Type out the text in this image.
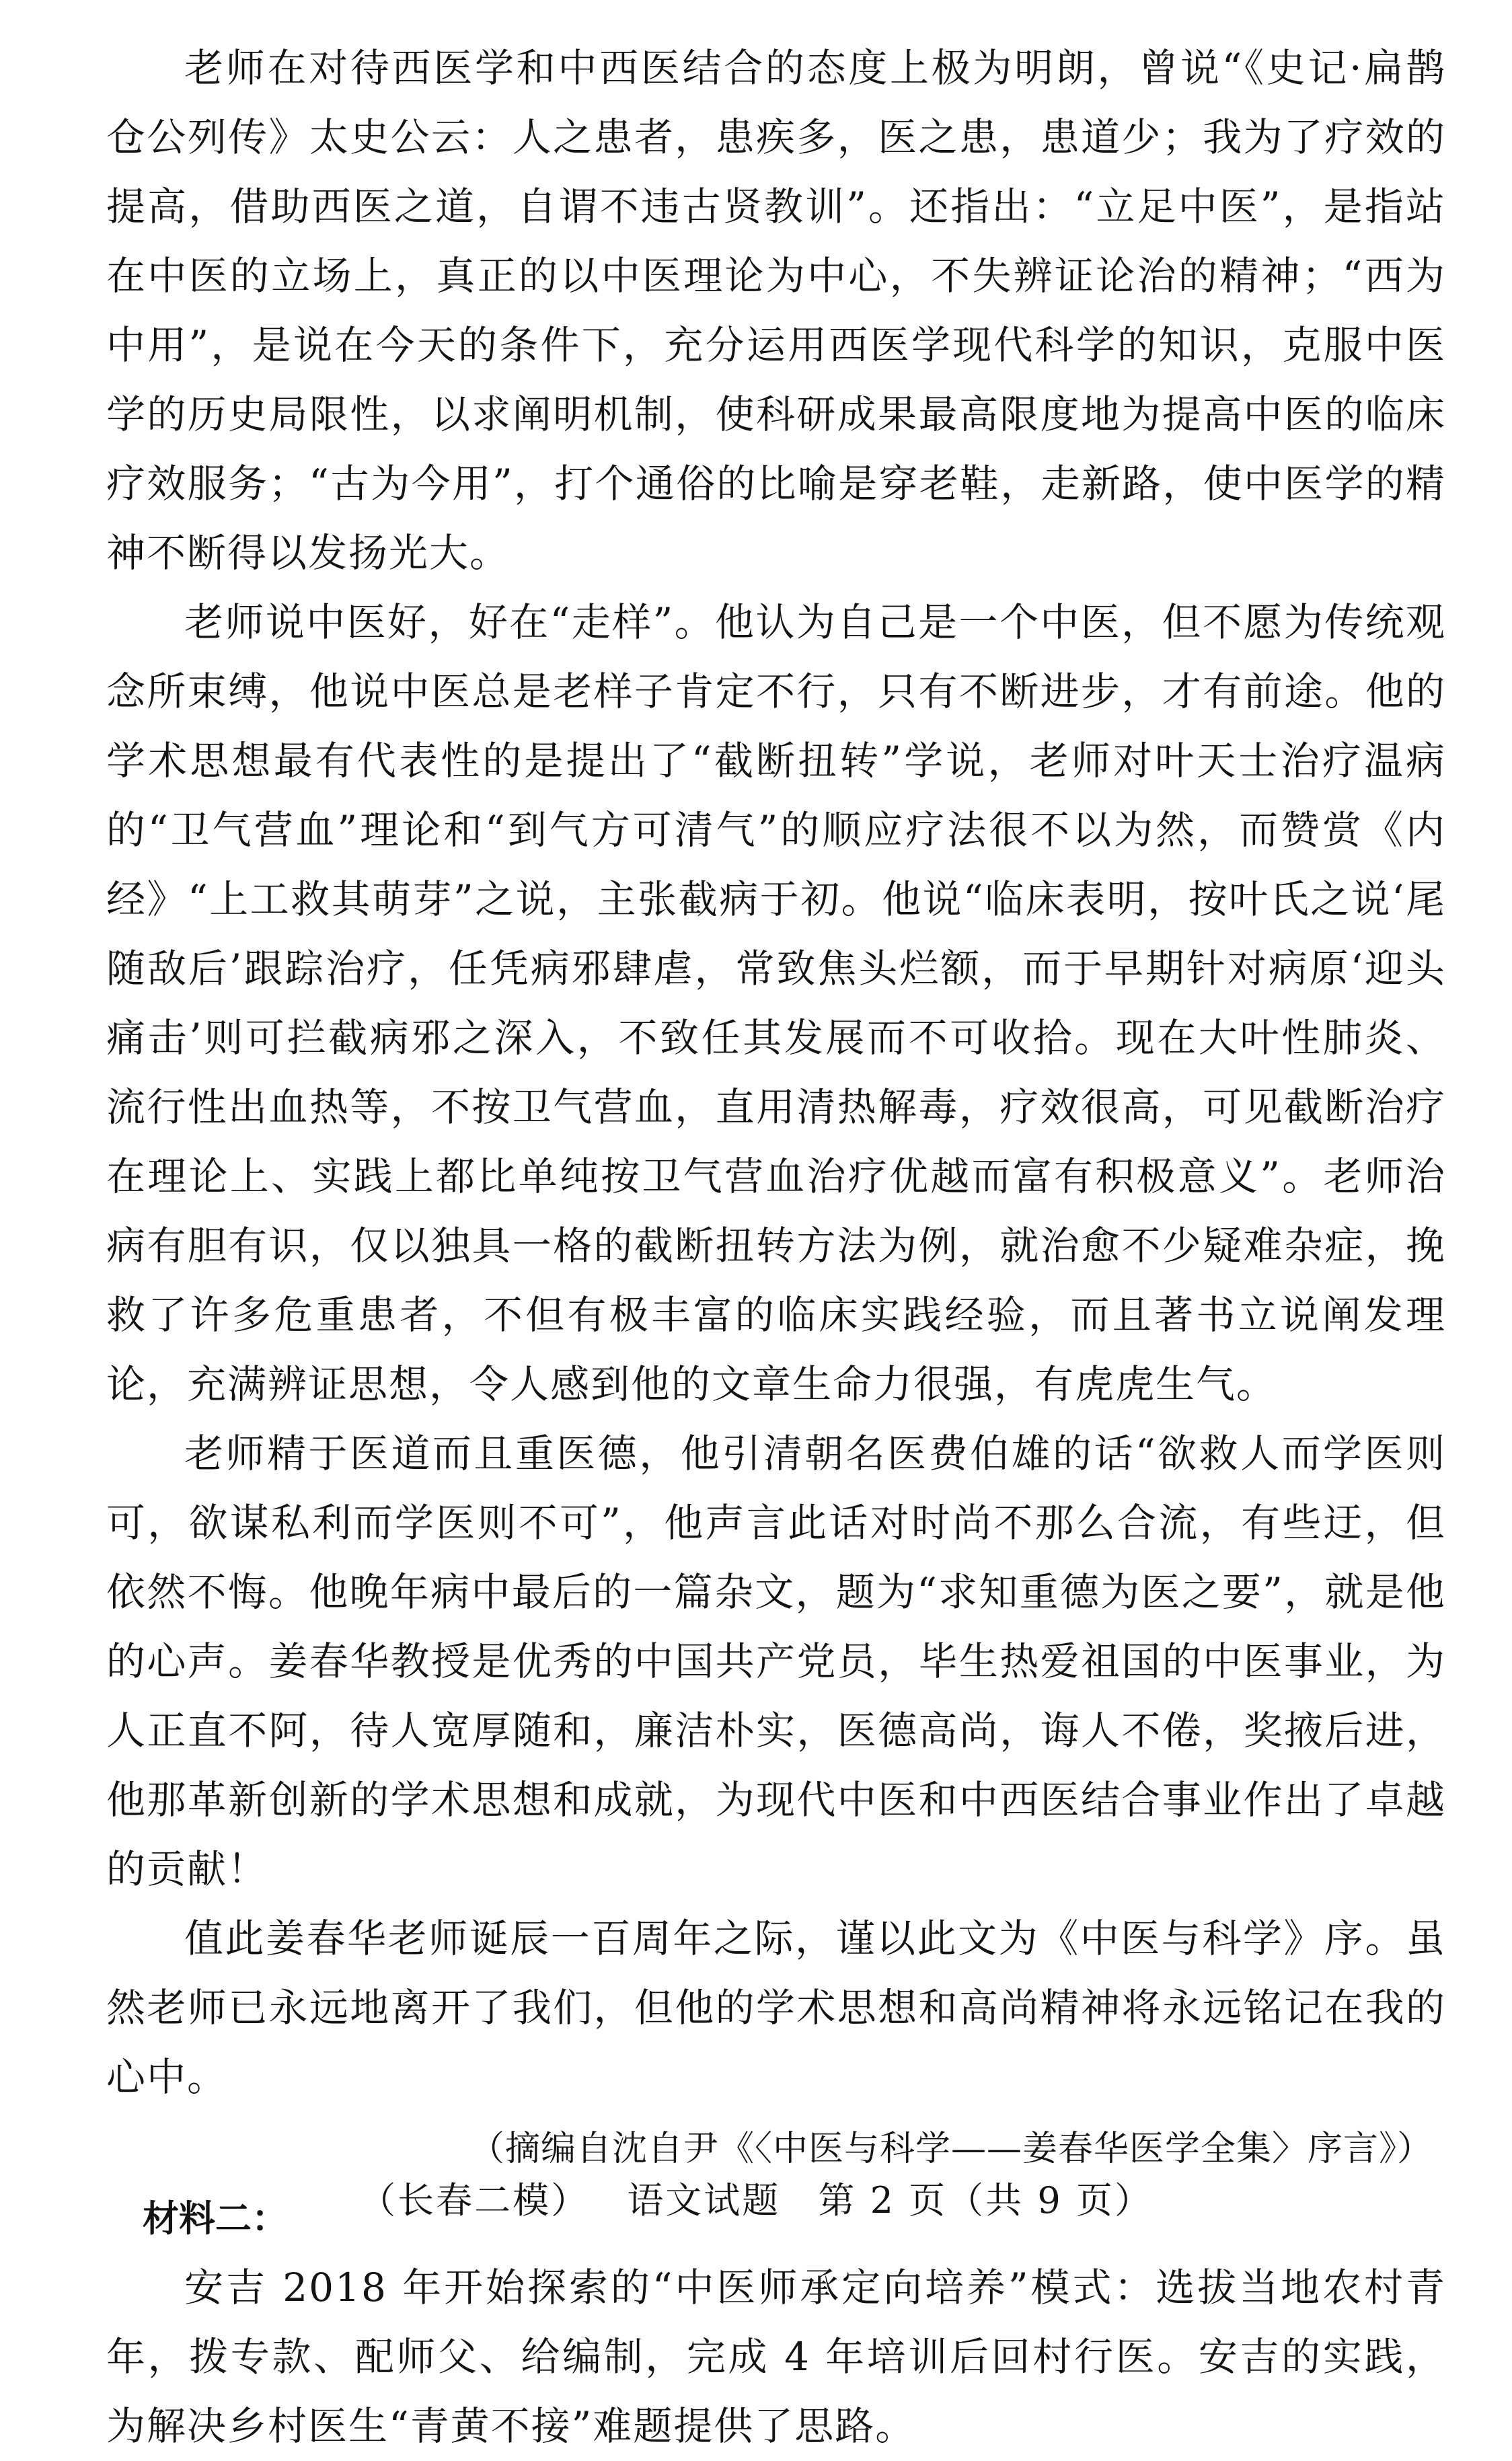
老师在对待西医学和中西医结合的态度上极为明朗，曾说“《史记·扁鹊仓公列传》太史公云：人之患者，患疾多，医之患，患道少；我为了疗效的提高，借助西医之道，自谓不违古贤教训”。还指出：“立足中医”，是指站在中医的立场上，真正的以中医理论为中心，不失辨证论治的精神；“西为中用”，是说在今天的条件下，充分运用西医学现代科学的知识，克服中医学的历史局限性，以求阐明机制，使科研成果最高限度地为提高中医的临床疗效服务；“古为今用”，打个通俗的比喻是穿老鞋，走新路，使中医学的精神不断得以发扬光大。

老师说中医好，好在“走样”。他认为自己是一个中医，但不愿为传统观念所束缚，他说中医总是老样子肯定不行，只有不断进步，才有前途。他的学术思想最有代表性的是提出了“截断扭转”学说，老师对叶天士治疗温病的“卫气营血”理论和“到气方可清气”的顺应疗法很不以为然，而赞赏《内经》“上工救其萌芽”之说，主张截病于初。他说“临床表明，按叶氏之说‘尾随敌后’跟踪治疗，任凭病邪肆虐，常致焦头烂额，而于早期针对病原‘迎头痛击’则可拦截病邪之深入，不致任其发展而不可收拾。现在大叶性肺炎、流行性出血热等，不按卫气营血，直用清热解毒，疗效很高，可见截断治疗在理论上、实践上都比单纯按卫气营血治疗优越而富有积极意义”。老师治病有胆有识，仅以独具一格的截断扭转方法为例，就治愈不少疑难杂症，挽救了许多危重患者，不但有极丰富的临床实践经验，而且著书立说阐发理论，充满辨证思想，令人感到他的文章生命力很强，有虎虎生气。

老师精于医道而且重医德，他引清朝名医费伯雄的话“欲救人而学医则可，欲谋私利而学医则不可”，他声言此话对时尚不那么合流，有些迂，但依然不悔。他晚年病中最后的一篇杂文，题为“求知重德为医之要”，就是他的心声。姜春华教授是优秀的中国共产党员，毕生热爱祖国的中医事业，为人正直不阿，待人宽厚随和，廉洁朴实，医德高尚，诲人不倦，奖掖后进，他那革新创新的学术思想和成就，为现代中医和中西医结合事业作出了卓越的贡献！

值此姜春华老师诞辰一百周年之际，谨以此文为《中医与科学》序。虽然老师已永远地离开了我们，但他的学术思想和高尚精神将永远铭记在我的心中。

（摘编自沈自尹《〈中医与科学——姜春华医学全集〉序言》）

材料二：

安吉 2018 年开始探索的“中医师承定向培养”模式：选拔当地农村青年，拨专款、配师父、给编制，完成 4 年培训后回村行医。安吉的实践，为解决乡村医生“青黄不接”难题提供了思路。

（长春二模） 语文试题 第 2 页（共 9 页）
